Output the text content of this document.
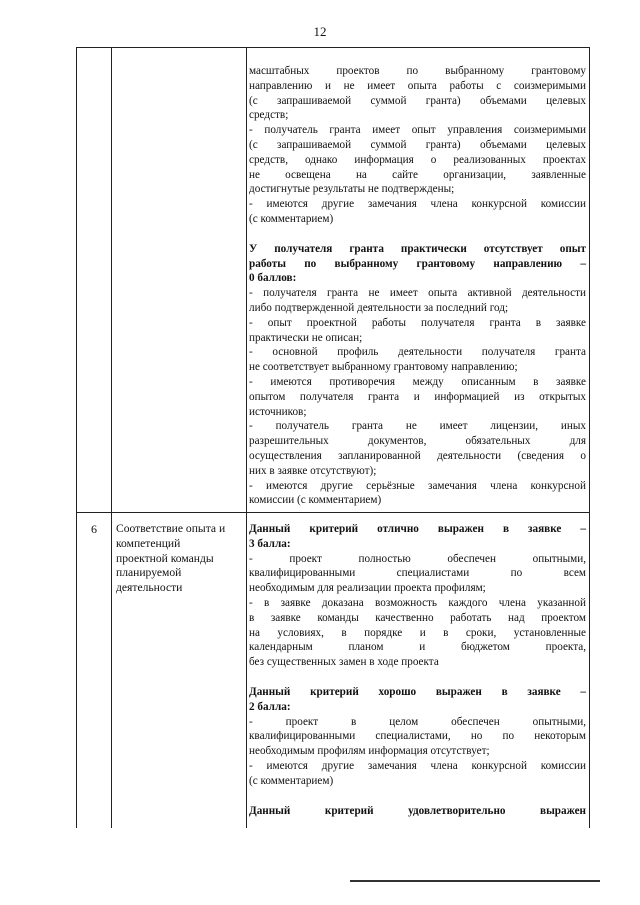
12

масштабных проектов по выбранному грантовому

направлению и не имеет опыта работы с соизмеримыми

(с запрашиваемой суммой гранта) объемами целевых

средств;

- получатель гранта имеет опыт управления соизмеримыми

(с запрашиваемой суммой гранта) объемами целевых

средств, однако информация о реализованных проектах

не освещена на сайте организации, заявленные

достигнутые результаты не подтверждены;

- имеются другие замечания члена конкурсной комиссии

(с комментарием)

У получателя гранта практически отсутствует опыт

работы по выбранному грантовому направлению –

0 баллов:

- получателя гранта не имеет опыта активной деятельности

либо подтвержденной деятельности за последний год;

- опыт проектной работы получателя гранта в заявке

практически не описан;

- основной профиль деятельности получателя гранта

не соответствует выбранному грантовому направлению;

- имеются противоречия между описанным в заявке

опытом получателя гранта и информацией из открытых

источников;

- получатель гранта не имеет лицензии, иных

разрешительных документов, обязательных для

осуществления запланированной деятельности (сведения о

них в заявке отсутствуют);

- имеются другие серьёзные замечания члена конкурсной

комиссии (с комментарием)

6	Соответствие опыта и
компетенций
проектной команды
планируемой
деятельности

Данный критерий отлично выражен в заявке –

3 балла:

- проект полностью обеспечен опытными,

квалифицированными специалистами по всем

необходимым для реализации проекта профилям;

- в заявке доказана возможность каждого члена указанной

в заявке команды качественно работать над проектом

на условиях, в порядке и в сроки, установленные

календарным планом и бюджетом проекта,

без существенных замен в ходе проекта

Данный критерий хорошо выражен в заявке –

2 балла:

- проект в целом обеспечен опытными,

квалифицированными специалистами, но по некоторым

необходимым профилям информация отсутствует;

- имеются другие замечания члена конкурсной комиссии

(с комментарием)

Данный критерий удовлетворительно выражен
